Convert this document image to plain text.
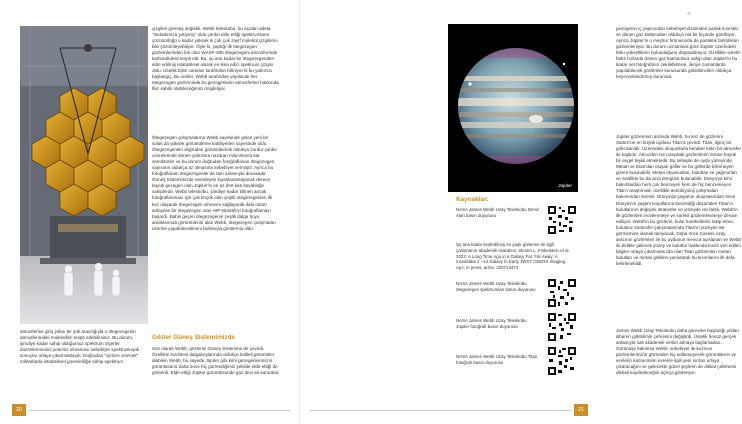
atmosferine giriş yılları bir yük aracılığıyla o ötegezegenin atmosferindeki molekülleri tespit edebilirsiniz. Bu durum, şimdiye kadar sahip olduğumuz spektrum ölçerler düzenlenmesini yetersiz olmaması sebebiyle spektroskopik sonuçlar ortaya çıkarmaktaydı. Doğrudan "içimize sinecek" miktarlarda istatistiksel güvenirliliğe sahip spektrum

çizgileri görmüş değildik. Webb teleskobu, bu açıdan adeta "imdadımıza yetişmiş" oldu çünkü elde ettiği spektrumların çözünürlüğü o kadar yüksek ki çok çok zayıf molekül çizgilerini bile çözümleyebiliyor. Öyle ki, yaptığı ilk ötegezegen gözlemlerinden biri olan WASP-39b ötegezegeni atmosferinde karbondioksit tespit etti. Bu, şu ana kadar bir ötegezegenden elde edilmiş istatistiksel olarak en ikna edici spektrum çizgisi oldu. Üstelik bilim camiası tarafından bilmiyor ki bu yalnızca başlangıç. Bu veriler, Webb tarafından yapılacak her ötegezegen gözleminde bu gezegenlerin atmosferleri hakkında fikir sahibi olabileceğimizi müjdeliyor.

Ötegezegen çalışmalarına Webb sayesinde gelen yeni bir soluk da yüksek görüntüleme kabiliyetleri sayesinde oldu. Ötegezegenleri doğrudan görüntülemek oldukça zordur çünkü cevrelerinde dönen yıldızlara nazaran milyonlarca kat sönüktürler ve bu durum doğrudan fotoğraflanan ötegezegen sayısının oldukça az olmasına sebebiyet vermiştir. Ayrıca bu fotoğraflanan ötegezegenler de tam anlamıyla devasadır. Güneş Sistemimizde neredeyse kıyaslanamayacak derece büyük gezegen olan Jüpiter'in en az dört katı büyüklüğe sahiplerdir. Webb teleskobu, şimdiye kadar bilinen ancak fotoğraflanması için çok küçük olan çeşitli ötegezegenleri ilk kez ulaşarak ötegezegen olmasını sağlayarak dahi onları anlaşılan bir ötegezegen olan HIP 65426b'yi fotoğraflamayı başardı. Bahsi geçen ötegezegenin çeşitli dalga boyu aralıklarında görüntülerini alan Webb, ötegezegen çalışmaları üzerine yapabileceklerini fazlasıyla göstermiş oldu.

Gözler Güneş Sistemimizde

Son olarak Webb, gözlerini Güneş Sistemine de çevirdi. Özellikle kızılötesi dalgaboylarında oldukça kaliteli görüntüler alabilen Webb, bu sayede Jüpiter gibi kimi gezegenlerimizin görüntüsünü daha önce hiç görmediğimiz şekilde elde ettiği de gösterdi. Elde ettiği Jüpiter görüntüsünde gaz devi ait auroralar,

20
✦

gezegenin iç yapısından sebebiyet dizisinden parlak kısımlar ve dönen gaz kütlemaları oldukça net bir biçimde görülüyor. Ayrıca Jüpiter'in o meşhur fırtınasında da parlaklık farklılıkları gözlemleniyor. Bu durum uzmanlara göre Jüpiter üzerindeki farkı yükseltilerin bulunduğunu düşündürüyor. Özellikle süreklı farklı hızlarda dönen gaz katmanlara sahip olan Jüpiter'in bu kadar net fotoğrafının çekilebilmesi, ileriye zamanlarda yapılabilecek gözlemler konusunda gökbilimcileri oldukça heyecanlandırmış durumda.

Jüpiter gözleminin ardında Webb, bu kez de gözlerini Satürn'ün en büyük uydusu Titan'a çevirdi. Titan, ilginç bir gökcisimidir. Üzerindeki oluşumlarla beraber kalın bir atmosfer ile kaplıdır. Atmosferi ise uzaydaki gözlemlerin önüne büyük bir engel teşkil etmektedir. Bu sebeple de uydu yüzeyinde Metan ve Etan'dan oluşan göller ve bu göllerde bilinmeyen gizem bulunabilir. Metan okyanusları, buluttan ve yağmurları ve özellikle bu da azot döngüsü bulunabilir. Dünya'ya kimi bakımlardan hem çok benzeyen hem de hiç benzemeyen Titan'ı araştırmak, özellikle astrobiyoloji çalışmaları bakımından önemli. Dünya'da yaşamın oluşmasından önce Dünya'nın yaşam koşullarına benzediği düşünülen Titan'ın bulutlarının değişimi stratosfer ve yüzeyde ise farklı, Webb'in ilk gözlemleri incelenmeye ve sürekli gözlemlenmeye devam ediliyor. Webb'in bu gözlemi, bulut hareketlerini takip etme, bulutsuz stratosfer çalışmalarında Titan'ın yüzeyini ise görmemize olanak tanıyacak. Daha önce Cassini uzay aracının gözlemleri ile bu uydunun mevcut açıklanan ve Webb ile birlikte gelecek yüzey ve bulutlar hakkında kısıtlı veri edilen bilgiler ortaya çıkarmamızda olan Titan gözleminin metan bulutları ve metan göllerin yansıtarak bu kısımlarını ilk defa belirlenebildi.

James Webb Uzay Teleskobu daha görevine başladığı yıldan itibaren gökbilimin çehresini değiştirdi. Üstelik henüz gerçek anlamıyla salt akademik veriler almaya başlamadan... Görünüşe bakılırsa Webb, sebebiyet ile kozmos gözlemlerimizin gözünden hiç edilemeyecek görüntülerin ve verilerin kazanımları evrenle ilgili yeni sırrları ortaya çıkaracağını ve gelecekte güzel şeylerin de dikkat çekilmesi dikkati kaydedeceğini açıkça gösteriyor.

Jüpiter
Kaynaklar:

NASA James Webb Uzay Teleskobu Deniz Alan basın duyurusu

Şu ana kadar keşfedilmiş en yaşlı görkeme ile ilgili çalışmanın akademik makalesi: Steven L. Finkelstein et al. 2022: A Long Time Ago in a Galaxy Far, Far Away: A Candidate z ~14 Galaxy in Early JWST CEERS Imaging. ApJ, in press, arXiv: 220713474

NASA James Webb Uzay Teleskobu ötegezegen spektrumları basın duyurusu

NASA James Webb Uzay Teleskobu Jüpiter fotoğrafı basın duyurusu

NASA James Webb Uzay Teleskobu Titan fotoğrafı basın duyurusu

21
